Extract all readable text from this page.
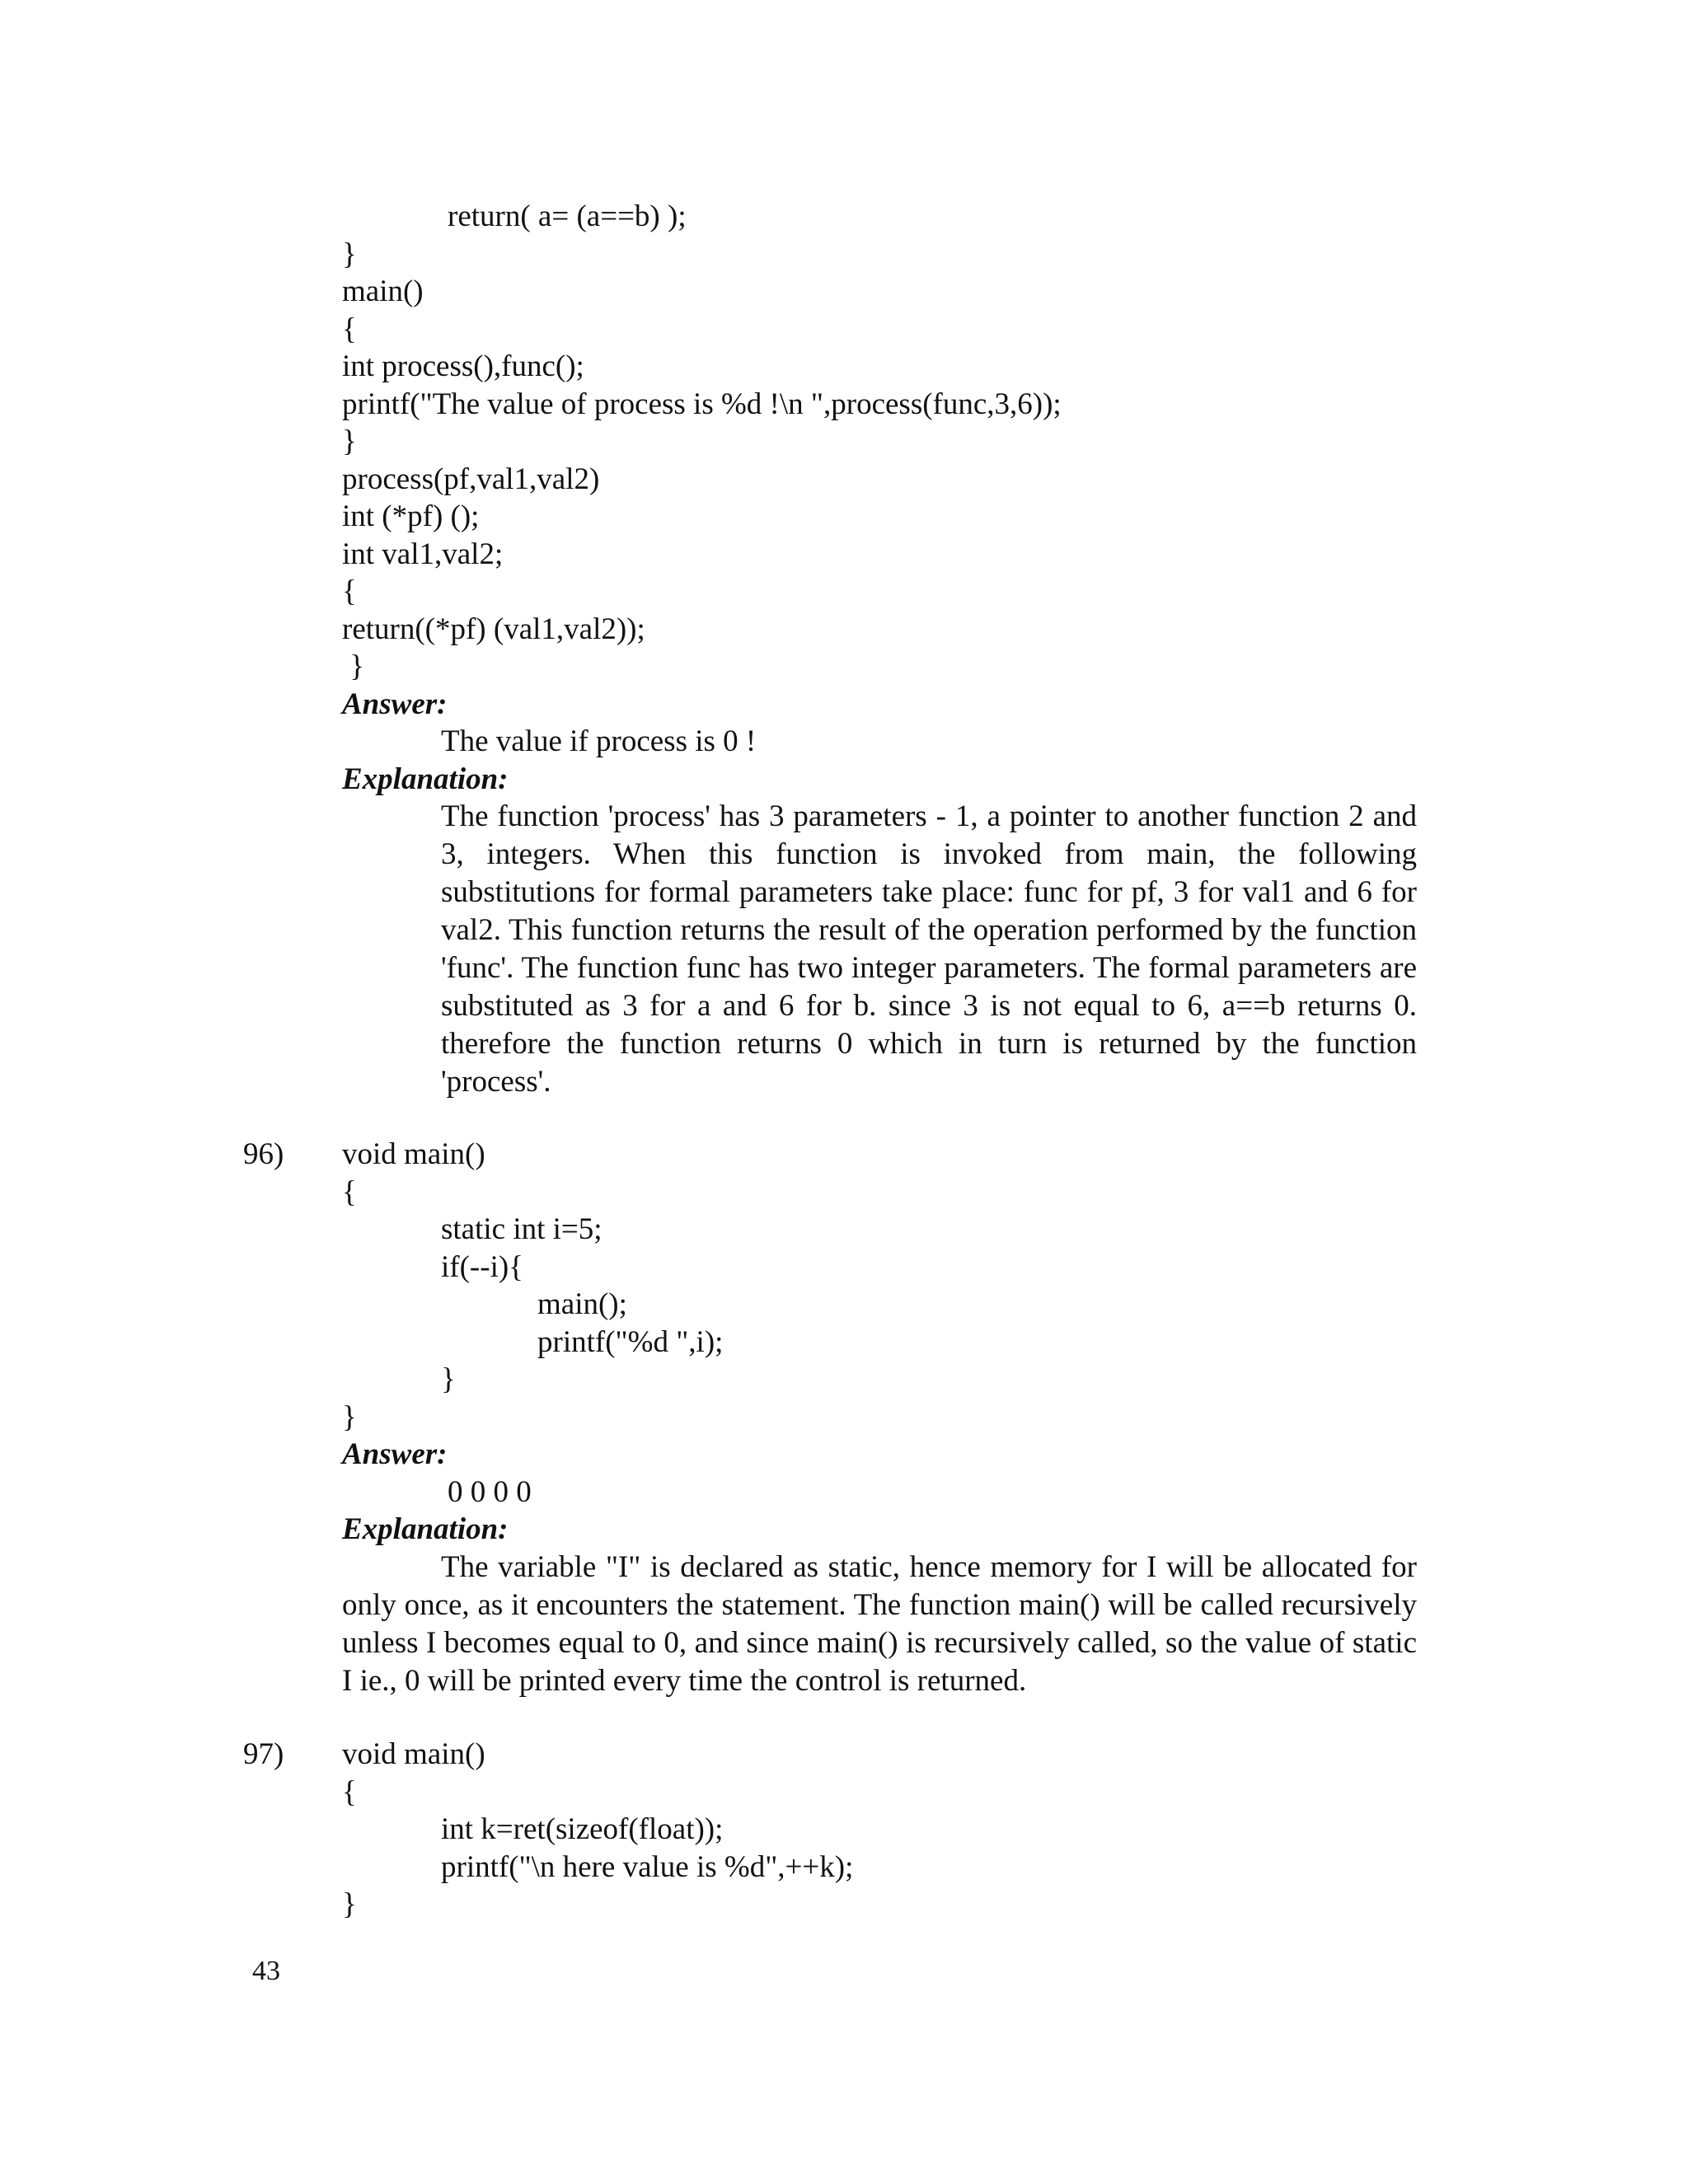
return( a= (a==b) );
}
main()
{
int process(),func();
printf("The value of process is %d !\n ",process(func,3,6));
}
process(pf,val1,val2)
int (*pf) ();
int val1,val2;
{
return((*pf) (val1,val2));
}
Answer:
The value if process is 0 !
Explanation:

The function 'process' has 3 parameters - 1, a pointer to another function 2 and 3, integers. When this function is invoked from main, the following substitutions for formal parameters take place: func for pf, 3 for val1 and 6 for val2. This function returns the result of the operation performed by the function 'func'. The function func has two integer parameters. The formal parameters are substituted as 3 for a and 6 for b. since 3 is not equal to 6, a==b returns 0. therefore the function returns 0 which in turn is returned by the function 'process'.

96) void main()
{
static int i=5;
if(--i){
main();
printf("%d ",i);
}
}
Answer:
0 0 0 0
Explanation:

The variable "I" is declared as static, hence memory for I will be allocated for only once, as it encounters the statement. The function main() will be called recursively unless I becomes equal to 0, and since main() is recursively called, so the value of static I ie., 0 will be printed every time the control is returned.

97) void main()
{
int k=ret(sizeof(float));
printf("\n here value is %d",++k);
}
43
